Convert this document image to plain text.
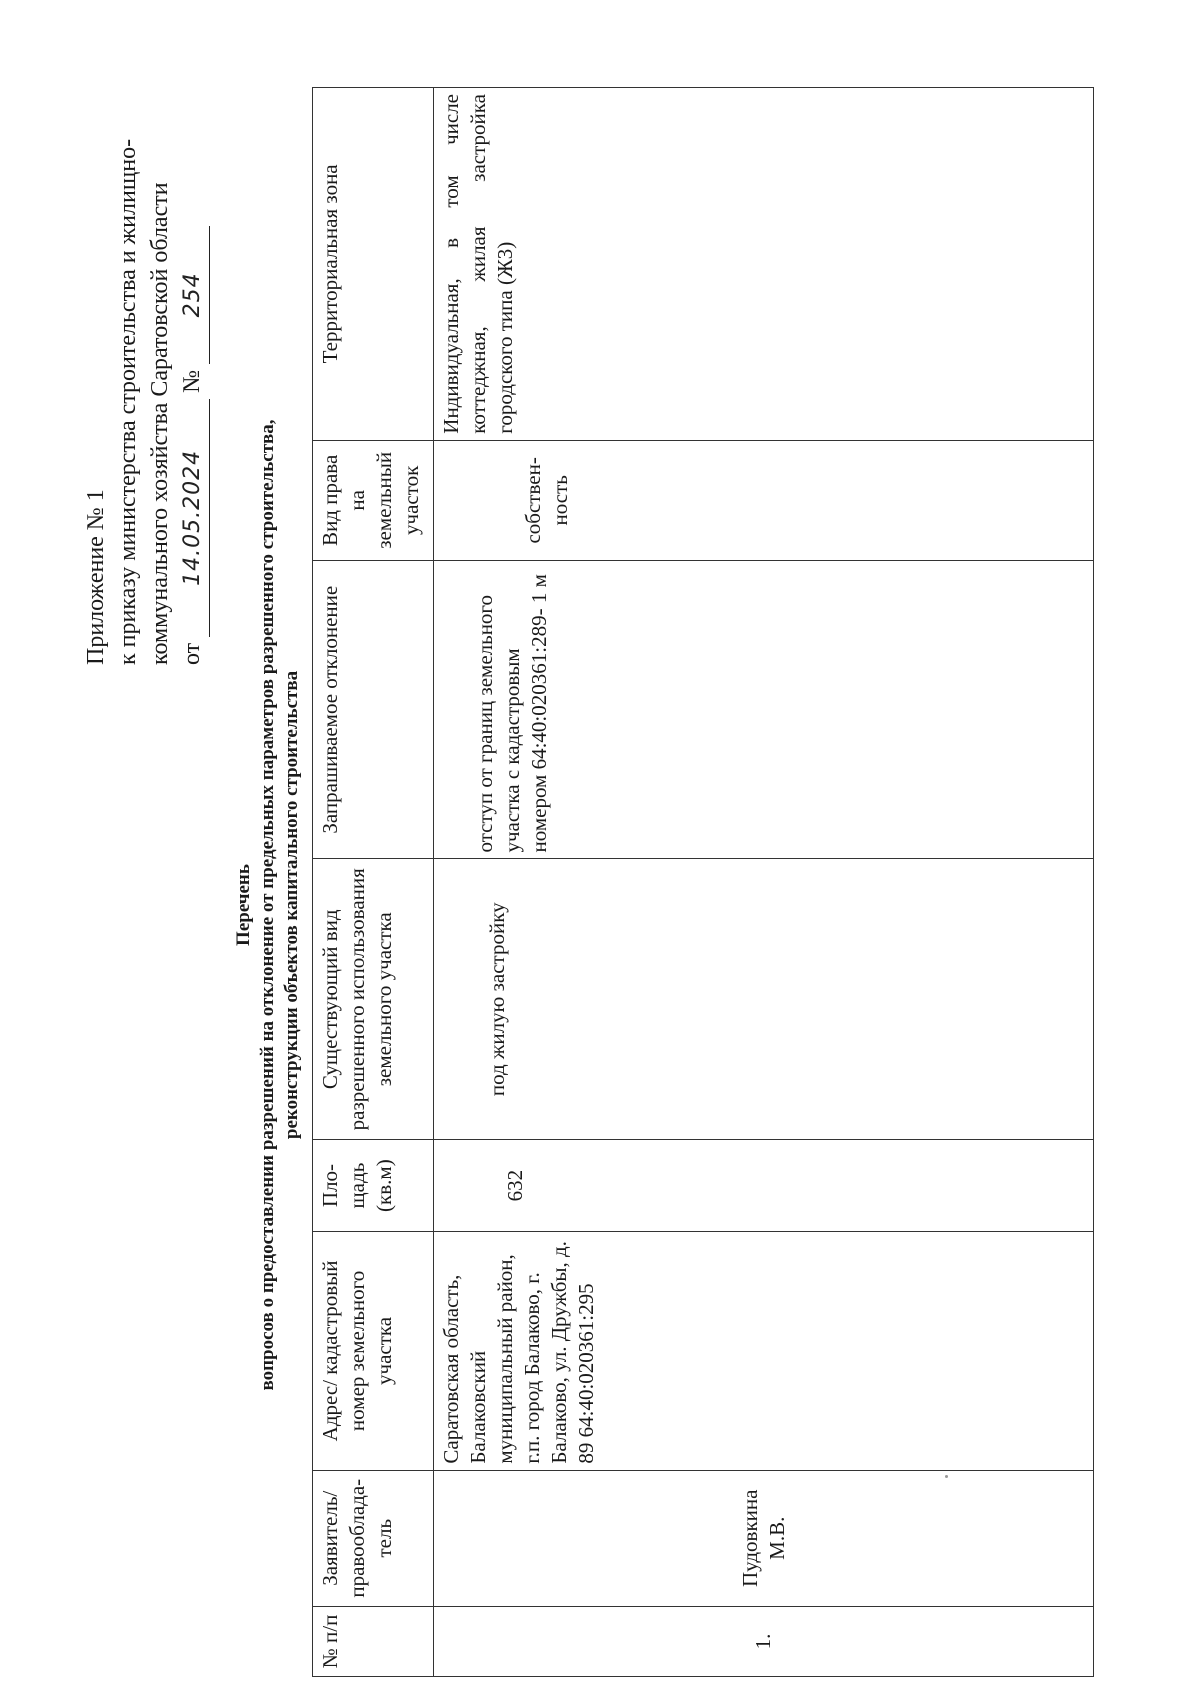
Приложение № 1 к приказу министерства строительства и жилищно- коммунального хозяйства Саратовской области от 14.05.2024 № 254
Перечень вопросов о предоставлении разрешений на отклонение от предельных параметров разрешенного строительства, реконструкции объектов капитального строительства
№ п/п	Заявитель/ правооблада-тель	Адрес/ кадастровый номер земельного участка	Пло-щадь (кв.м)	Существующий вид разрешенного использования земельного участка	Запрашиваемое отклонение	Вид права на земельный участок	Территориальная зона
1.	Пудовкина М.В.	Саратовская область, Балаковский муниципальный район, г.п. город Балаково, г. Балаково, ул. Дружбы, д. 89 64:40:020361:295	632	под жилую застройку	отступ от границ земельного участка с кадастровым номером 64:40:020361:289- 1 м	собствен-ность	Индивидуальная, в том числе коттеджная, жилая застройка городского типа (Ж3)
